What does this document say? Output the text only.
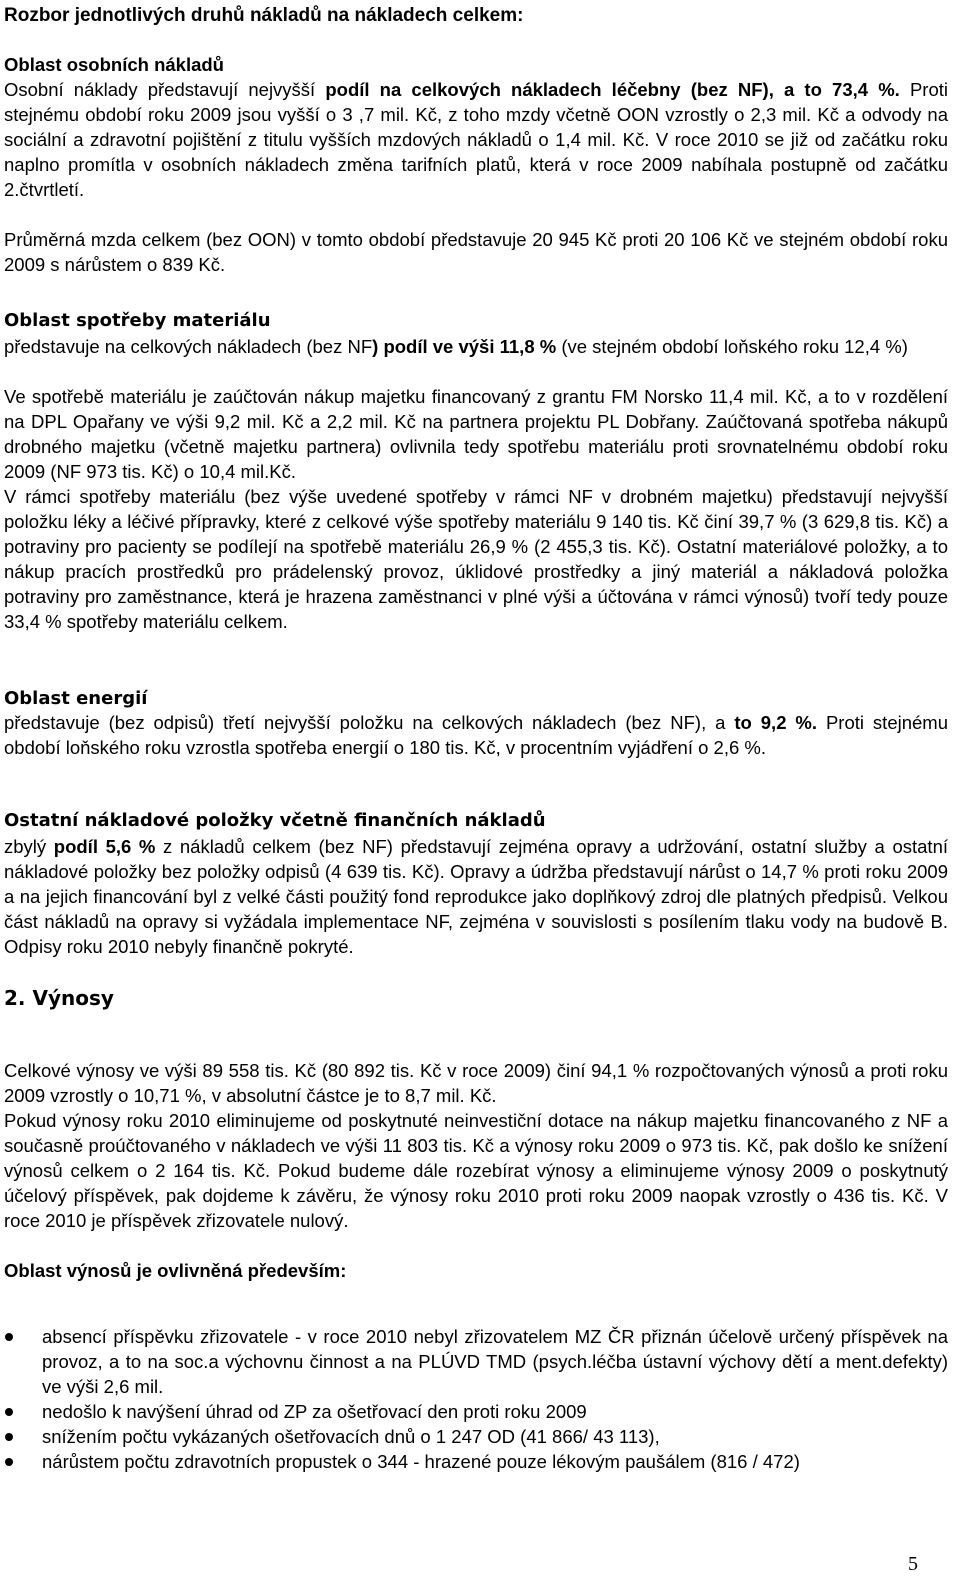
Rozbor jednotlivých druhů nákladů na nákladech celkem:
Oblast osobních nákladů
Osobní náklady představují nejvyšší podíl na celkových nákladech léčebny (bez NF), a to 73,4 %. Proti stejnému období roku 2009 jsou vyšší o 3 ,7 mil. Kč, z toho mzdy včetně OON vzrostly o 2,3 mil. Kč a odvody na sociální a zdravotní pojištění z titulu vyšších mzdových nákladů o 1,4 mil. Kč. V roce 2010 se již od začátku roku naplno promítla v osobních nákladech změna tarifních platů, která v roce 2009 nabíhala postupně od začátku 2.čtvrtletí.
Průměrná mzda celkem (bez OON) v tomto období představuje 20 945 Kč proti 20 106 Kč ve stejném období roku 2009 s nárůstem o 839 Kč.
Oblast spotřeby materiálu
představuje na celkových nákladech (bez NF) podíl ve výši 11,8 % (ve stejném období loňského roku 12,4 %)
Ve spotřebě materiálu je zaúčtován nákup majetku financovaný z grantu FM Norsko 11,4 mil. Kč, a to v rozdělení na DPL Opařany ve výši 9,2 mil. Kč a 2,2 mil. Kč na partnera projektu PL Dobřany. Zaúčtovaná spotřeba nákupů drobného majetku (včetně majetku partnera) ovlivnila tedy spotřebu materiálu proti srovnatelnému období roku 2009 (NF 973 tis. Kč) o 10,4 mil.Kč.
V rámci spotřeby materiálu (bez výše uvedené spotřeby v rámci NF v drobném majetku) představují nejvyšší položku léky a léčivé přípravky, které z celkové výše spotřeby materiálu 9 140 tis. Kč činí 39,7 % (3 629,8 tis. Kč) a potraviny pro pacienty se podílejí na spotřebě materiálu 26,9 % (2 455,3 tis. Kč). Ostatní materiálové položky, a to nákup pracích prostředků pro prádelenský provoz, úklidové prostředky a jiný materiál a nákladová položka potraviny pro zaměstnance, která je hrazena zaměstnanci v plné výši a účtována v rámci výnosů) tvoří tedy pouze 33,4 % spotřeby materiálu celkem.
Oblast energií
představuje (bez odpisů) třetí nejvyšší položku na celkových nákladech (bez NF), a to 9,2 %. Proti stejnému období loňského roku vzrostla spotřeba energií o 180 tis. Kč, v procentním vyjádření o 2,6 %.
Ostatní nákladové položky včetně finančních nákladů
zbylý podíl 5,6 % z nákladů celkem (bez NF) představují zejména opravy a udržování, ostatní služby a ostatní nákladové položky bez položky odpisů (4 639 tis. Kč). Opravy a údržba představují nárůst o 14,7 % proti roku 2009 a na jejich financování byl z velké části použitý fond reprodukce jako doplňkový zdroj dle platných předpisů. Velkou část nákladů na opravy si vyžádala implementace NF, zejména v souvislosti s posílením tlaku vody na budově B. Odpisy roku 2010 nebyly finančně pokryté.
2. Výnosy
Celkové výnosy ve výši 89 558 tis. Kč (80 892 tis. Kč v roce 2009) činí 94,1 % rozpočtovaných výnosů a proti roku 2009 vzrostly o 10,71 %, v absolutní částce je to 8,7 mil. Kč.
Pokud výnosy roku 2010 eliminujeme od poskytnuté neinvestiční dotace na nákup majetku financovaného z NF a současně proúčtovaného v nákladech ve výši 11 803 tis. Kč a výnosy roku 2009 o 973 tis. Kč, pak došlo ke snížení výnosů celkem o 2 164 tis. Kč. Pokud budeme dále rozebírat výnosy a eliminujeme výnosy 2009 o poskytnutý účelový příspěvek, pak dojdeme k závěru, že výnosy roku 2010 proti roku 2009 naopak vzrostly o 436 tis. Kč. V roce 2010 je příspěvek zřizovatele nulový.
Oblast výnosů je ovlivněná především:
absencí příspěvku zřizovatele - v roce 2010 nebyl zřizovatelem MZ ČR přiznán účelově určený příspěvek na provoz, a to na soc.a výchovnu činnost a na PLÚVD TMD (psych.léčba ústavní výchovy dětí a ment.defekty) ve výši 2,6 mil.
nedošlo k navýšení úhrad od ZP za ošetřovací den proti roku 2009
snížením počtu vykázaných ošetřovacích dnů o 1 247 OD (41 866/ 43 113),
nárůstem počtu zdravotních propustek o 344 - hrazené pouze lékovým paušálem (816 / 472)
5
